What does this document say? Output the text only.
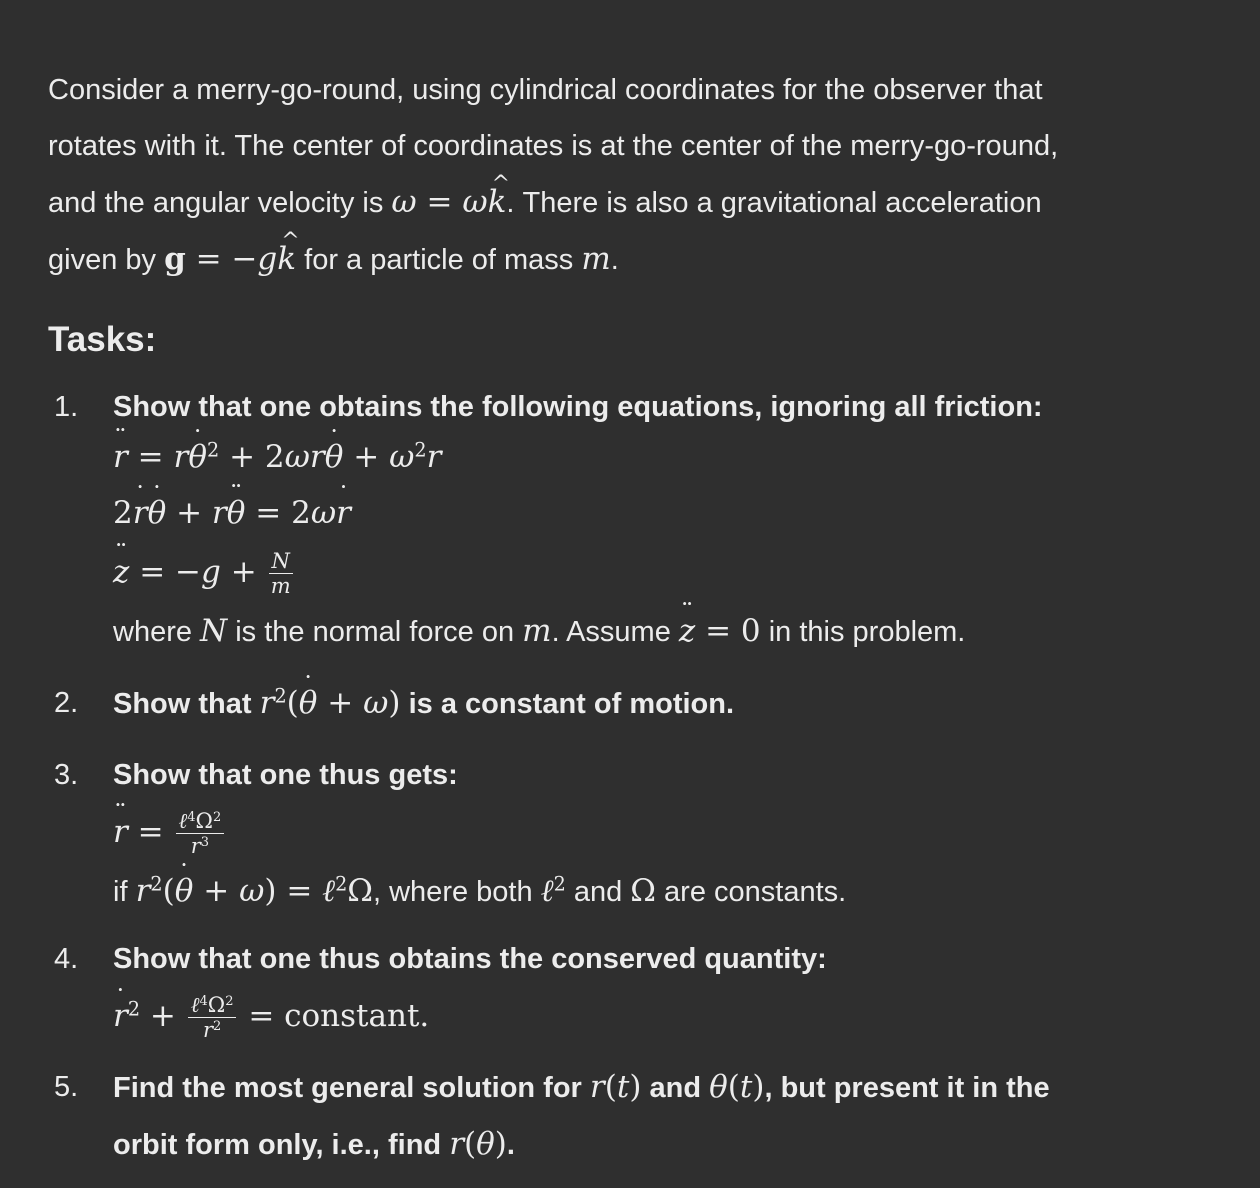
Consider a merry-go-round, using cylindrical coordinates for the observer that

rotates with it. The center of coordinates is at the center of the merry-go-round,

and the angular velocity is ω = ωk ^. There is also a gravitational acceleration

given by g = −gk ^ for a particle of mass m.

Tasks:
1. Show that one obtains the following equations, ignoring all friction:

r ¨ = rθ ˙$^2$ + 2ωrθ ˙ + $\omega^2r$

2r ˙θ ˙ + rθ ¨ = 2ωr ˙

z ¨ = $-g + \frac{N}{m}$

where N is the normal force on m. Assume z ¨ = 0 in this problem.

2. Show that $r^2(\theta$ ˙ + ω) is a constant of motion.

3. Show that one thus gets:

r ¨ = $\frac{\ell^4\Omega^2}{r^3}$

if $r^2(\theta$ ˙ + ω) = ℓ$^2$Ω, where both ℓ$^2$ and Ω are constants.

4. Show that one thus obtains the conserved quantity:

r ˙$^2$ + $\frac{\ell^4\Omega^2}{r^2}$ = constant.

5. Find the most general solution for r(t) and θ(t), but present it in the
orbit form only, i.e., find r(θ).
